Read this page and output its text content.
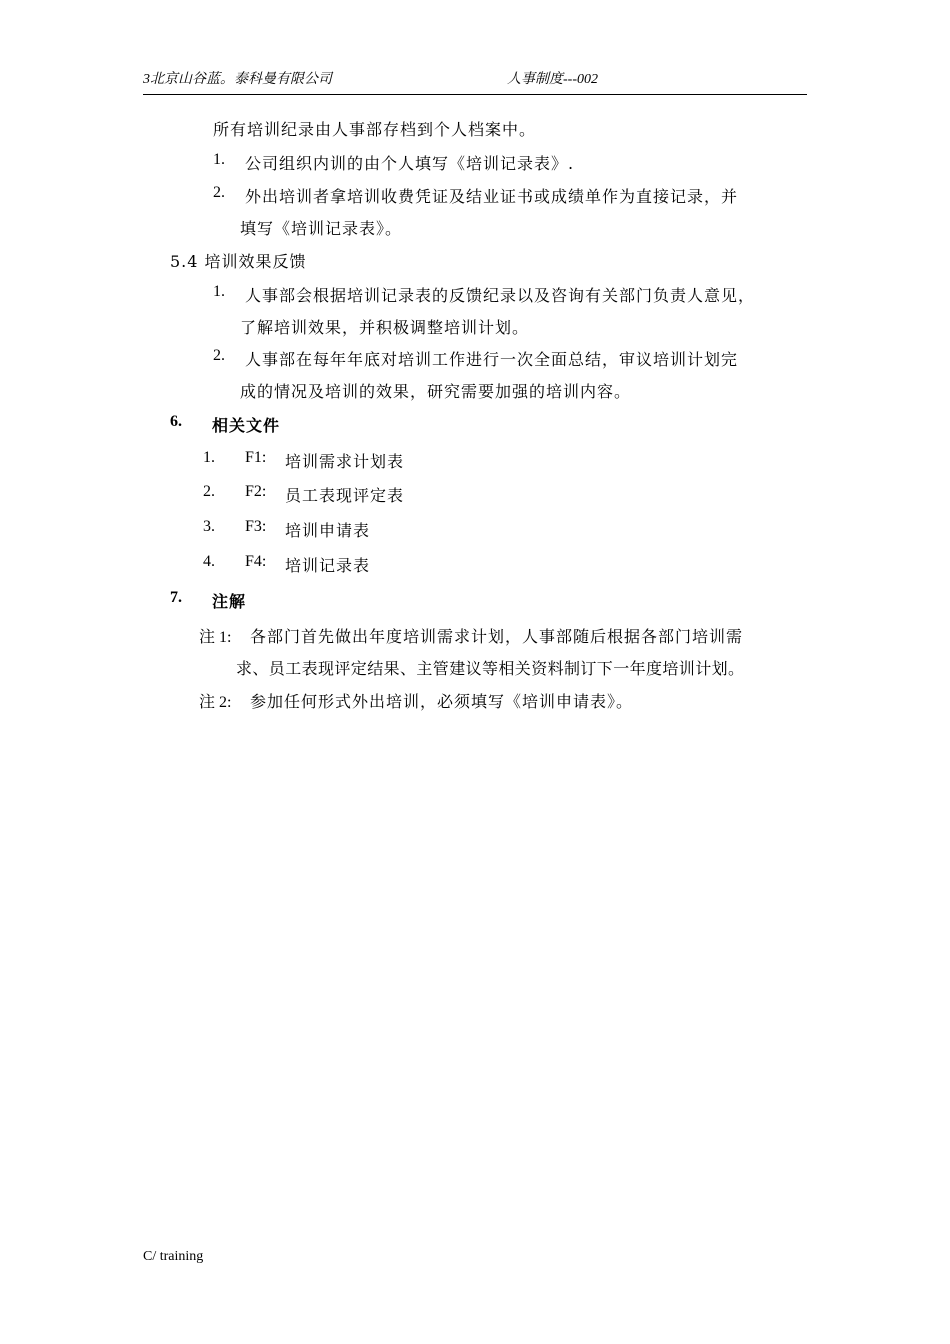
3北京山谷蓝。泰科曼有限公司	人事制度---002
所有培训纪录由人事部存档到个人档案中。
1. 公司组织内训的由个人填写《培训记录表》.
2. 外出培训者拿培训收费凭证及结业证书或成绩单作为直接记录，并
填写《培训记录表》。
5.4 培训效果反馈
1. 人事部会根据培训记录表的反馈纪录以及咨询有关部门负责人意见，
了解培训效果，并积极调整培训计划。
2. 人事部在每年年底对培训工作进行一次全面总结，审议培训计划完
成的情况及培训的效果，研究需要加强的培训内容。
6. 相关文件
1. F1: 培训需求计划表
2. F2: 员工表现评定表
3. F3: 培训申请表
4. F4: 培训记录表
7. 注解
注 1: 各部门首先做出年度培训需求计划，人事部随后根据各部门培训需
求、员工表现评定结果、主管建议等相关资料制订下一年度培训计划。
注 2: 参加任何形式外出培训，必须填写《培训申请表》。
C/ training
